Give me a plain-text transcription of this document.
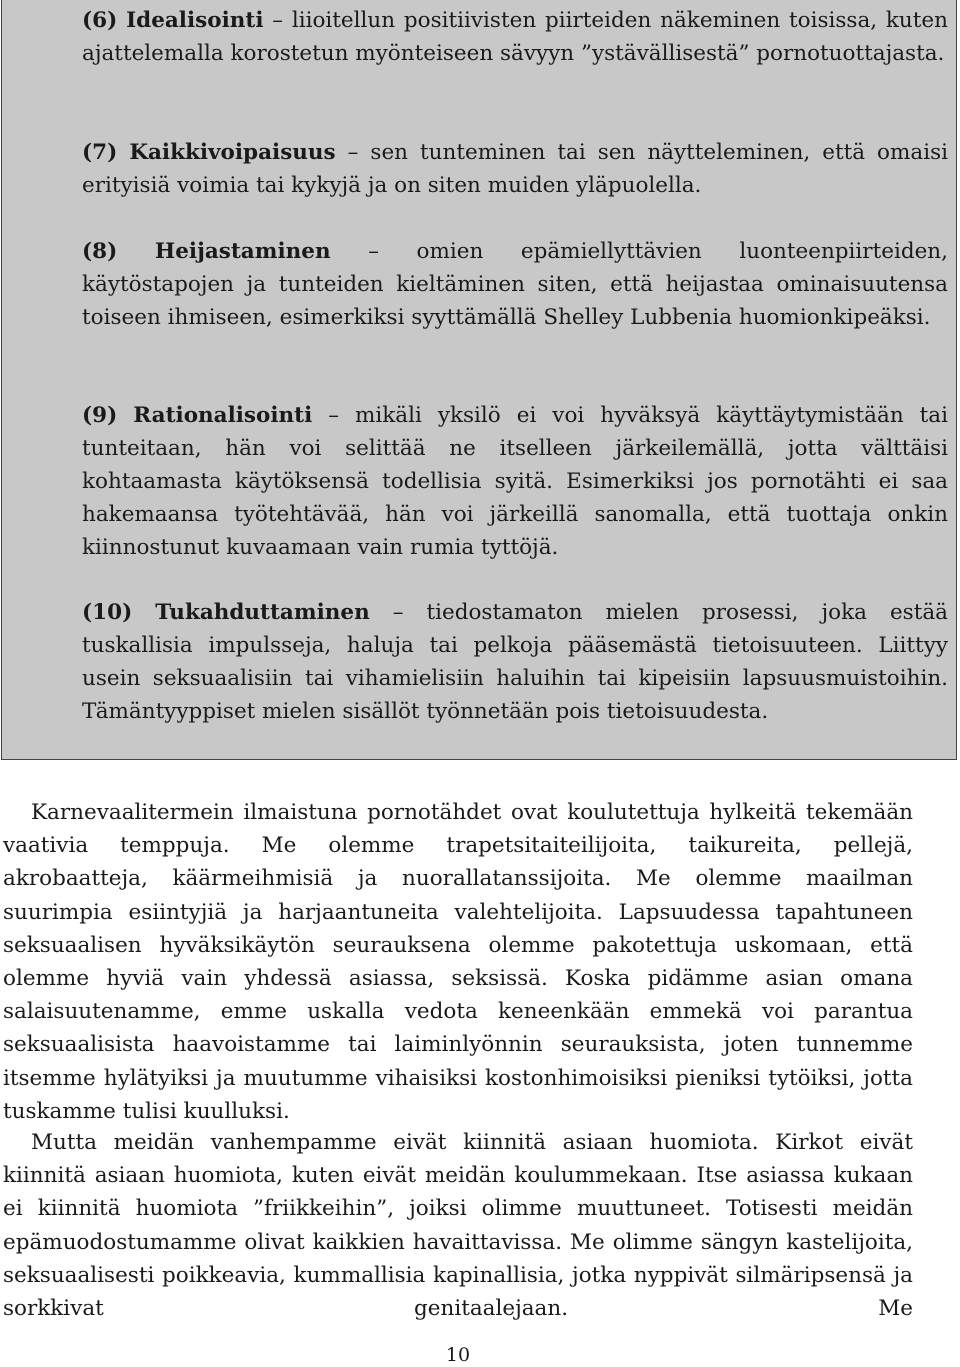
(6) Idealisointi – liioitellun positiivisten piirteiden näkeminen toisissa, kuten ajattelemalla korostetun myönteiseen sävyyn ”ystävällisestä” pornotuottajasta.

(7) Kaikkivoipaisuus – sen tunteminen tai sen näytteleminen, että omaisi erityisiä voimia tai kykyjä ja on siten muiden yläpuolella.

(8) Heijastaminen – omien epämiellyttävien luonteenpiirteiden, käytöstapojen ja tunteiden kieltäminen siten, että heijastaa ominaisuutensa toiseen ihmiseen, esimerkiksi syyttämällä Shelley Lubbenia huomionkipeäksi.

(9) Rationalisointi – mikäli yksilö ei voi hyväksyä käyttäytymistään tai tunteitaan, hän voi selittää ne itselleen järkeilemällä, jotta välttäisi kohtaamasta käytöksensä todellisia syitä. Esimerkiksi jos pornotähti ei saa hakemaansa työtehtävää, hän voi järkeillä sanomalla, että tuottaja onkin kiinnostunut kuvaamaan vain rumia tyttöjä.

(10) Tukahduttaminen – tiedostamaton mielen prosessi, joka estää tuskallisia impulsseja, haluja tai pelkoja pääsemästä tietoisuuteen. Liittyy usein seksuaalisiin tai vihamielisiin haluihin tai kipeisiin lapsuusmuistoihin. Tämäntyyppiset mielen sisällöt työnnetään pois tietoisuudesta.

Karnevaalitermein ilmaistuna pornotähdet ovat koulutettuja hylkeitä tekemään vaativia temppuja. Me olemme trapetsitaiteilijoita, taikureita, pellejä, akrobaatteja, käärmeihmisiä ja nuorallatanssijoita. Me olemme maailman suurimpia esiintyjiä ja harjaantuneita valehtelijoita. Lapsuudessa tapahtuneen seksuaalisen hyväksikäytön seurauksena olemme pakotettuja uskomaan, että olemme hyviä vain yhdessä asiassa, seksissä. Koska pidämme asian omana salaisuutenamme, emme uskalla vedota keneenkään emmekä voi parantua seksuaalisista haavoistamme tai laiminlyönnin seurauksista, joten tunnemme itsemme hylätyiksi ja muutumme vihaisiksi kostonhimoisiksi pieniksi tytöiksi, jotta tuskamme tulisi kuulluksi.

Mutta meidän vanhempamme eivät kiinnitä asiaan huomiota. Kirkot eivät kiinnitä asiaan huomiota, kuten eivät meidän koulummekaan. Itse asiassa kukaan ei kiinnitä huomiota ”friikkeihin”, joiksi olimme muuttuneet. Totisesti meidän epämuodostumamme olivat kaikkien havaittavissa. Me olimme sängyn kastelijoita, seksuaalisesti poikkeavia, kummallisia kapinallisia, jotka nyppivät silmäripsensä ja sorkkivat genitaalejaan. Me

10
